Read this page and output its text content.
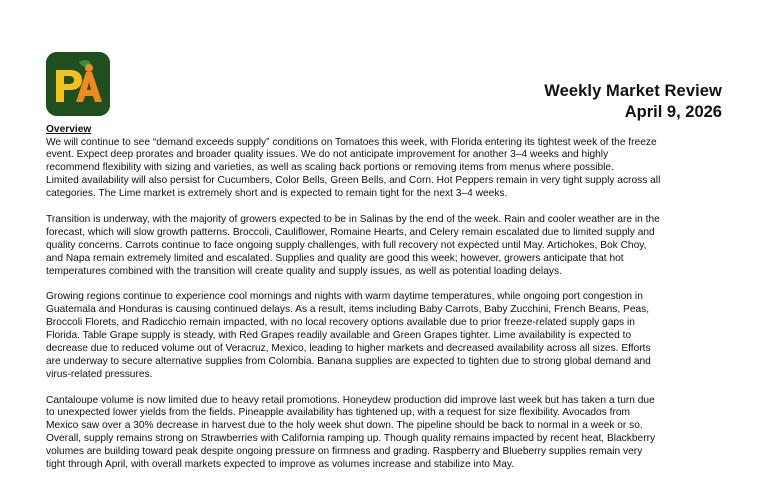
Weekly Market Review
April 9, 2026
Overview
We will continue to see “demand exceeds supply” conditions on Tomatoes this week, with Florida entering its tightest week of the freeze
event. Expect deep prorates and broader quality issues. We do not anticipate improvement for another 3–4 weeks and highly
recommend flexibility with sizing and varieties, as well as scaling back portions or removing items from menus where possible.
Limited availability will also persist for Cucumbers, Color Bells, Green Bells, and Corn. Hot Peppers remain in very tight supply across all
categories. The Lime market is extremely short and is expected to remain tight for the next 3–4 weeks.
Transition is underway, with the majority of growers expected to be in Salinas by the end of the week. Rain and cooler weather are in the
forecast, which will slow growth patterns. Broccoli, Cauliflower, Romaine Hearts, and Celery remain escalated due to limited supply and
quality concerns. Carrots continue to face ongoing supply challenges, with full recovery not expected until May. Artichokes, Bok Choy,
and Napa remain extremely limited and escalated. Supplies and quality are good this week; however, growers anticipate that hot
temperatures combined with the transition will create quality and supply issues, as well as potential loading delays.
Growing regions continue to experience cool mornings and nights with warm daytime temperatures, while ongoing port congestion in
Guatemala and Honduras is causing continued delays. As a result, items including Baby Carrots, Baby Zucchini, French Beans, Peas,
Broccoli Florets, and Radicchio remain impacted, with no local recovery options available due to prior freeze-related supply gaps in
Florida. Table Grape supply is steady, with Red Grapes readily available and Green Grapes tighter. Lime availability is expected to
decrease due to reduced volume out of Veracruz, Mexico, leading to higher markets and decreased availability across all sizes. Efforts
are underway to secure alternative supplies from Colombia. Banana supplies are expected to tighten due to strong global demand and
virus-related pressures.
Cantaloupe volume is now limited due to heavy retail promotions. Honeydew production did improve last week but has taken a turn due
to unexpected lower yields from the fields. Pineapple availability has tightened up, with a request for size flexibility. Avocados from
Mexico saw over a 30% decrease in harvest due to the holy week shut down. The pipeline should be back to normal in a week or so.
Overall, supply remains strong on Strawberries with California ramping up. Though quality remains impacted by recent heat, Blackberry
volumes are building toward peak despite ongoing pressure on firmness and grading. Raspberry and Blueberry supplies remain very
tight through April, with overall markets expected to improve as volumes increase and stabilize into May.
